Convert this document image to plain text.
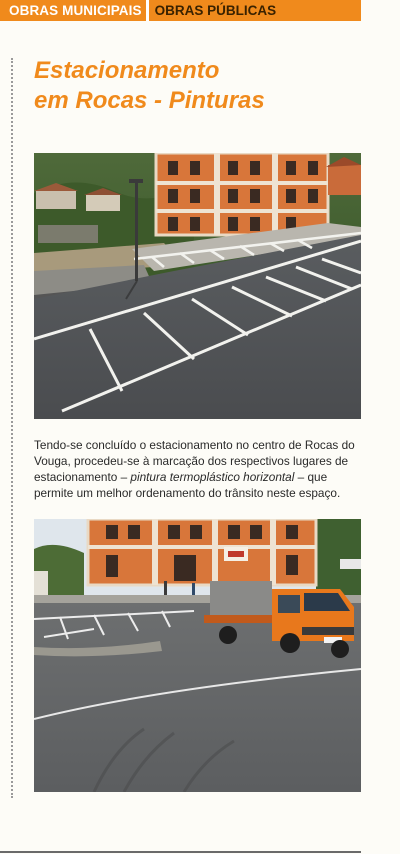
OBRAS MUNICIPAIS OBRAS PÚBLICAS
Estacionamento
em Rocas - Pinturas

Tendo-se concluído o estacionamento no centro de Rocas do Vouga, procedeu-se à marcação dos respectivos lugares de estacionamento – pintura termoplástico horizontal – que permite um melhor ordenamento do trânsito neste espaço.
